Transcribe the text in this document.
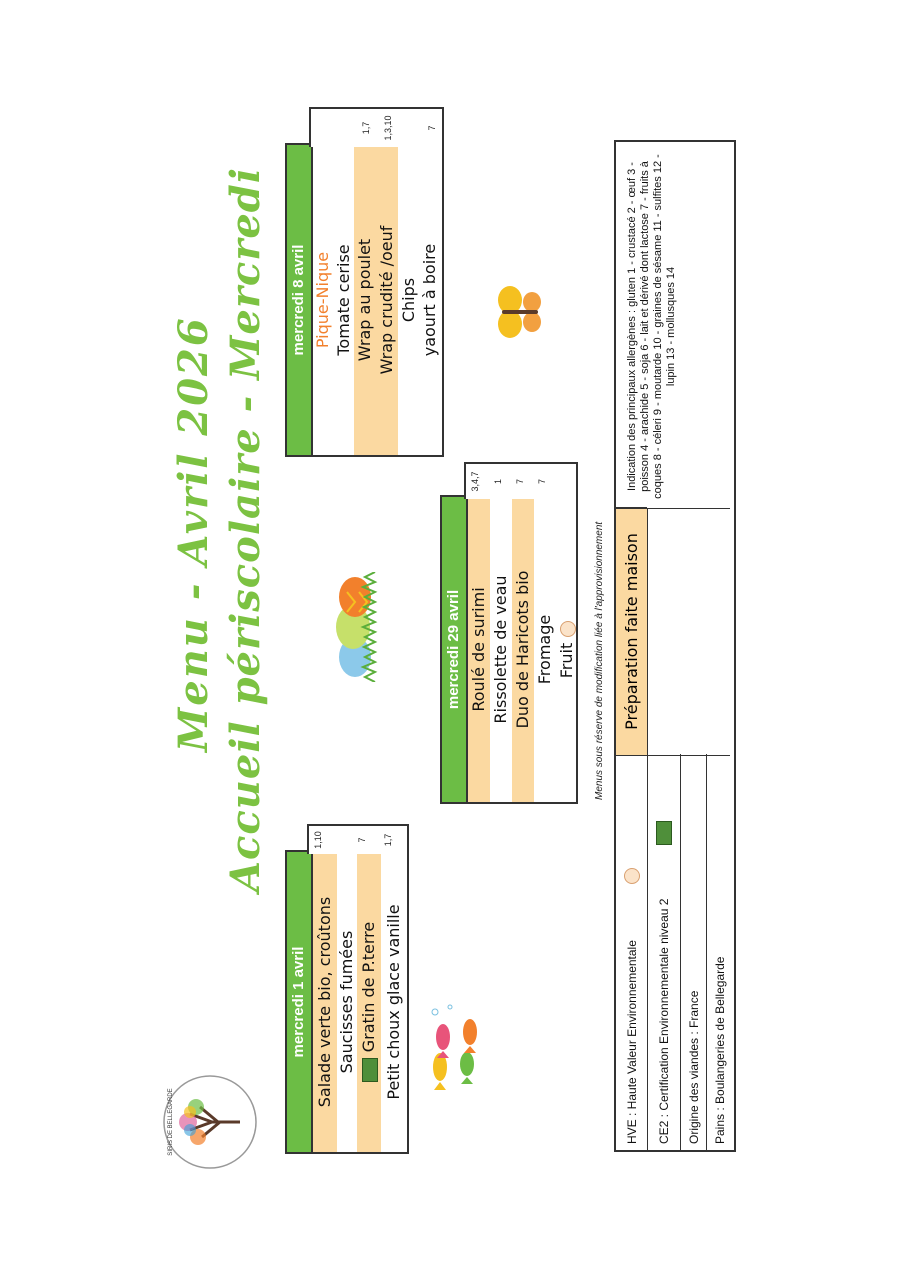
SIRIS DE BELLEGARDE
Menu - Avril 2026 Accueil périscolaire - Mercredi
mercredi 1 avril Salade verte bio, croûtons Saucisses fumées Gratin de P.terre Petit choux glace vanille
1,10	7 1,7
mercredi 29 avril Roulé de surimi Rissolette de veau Duo de Haricots bio Fromage Fruit
3,4,7 1 7 7
mercredi 8 avril Pique-Nique Tomate cerise Wrap au poulet Wrap crudité /oeuf Chips yaourt à boire
1,7 1,3,10	7
Menus sous réserve de modification liée à l'approvisionnement
HVE : Haute Valeur Environnementale CE2 : Certification Environnementale niveau 2 Origine des viandes : France Pains : Boulangeries de Bellegarde
Préparation faite maison
Indication des principaux allergènes : gluten 1 - crustacé 2 - œuf 3 - poisson 4 - arachide 5 - soja 6 - lait et dérivé dont lactose 7 - fruits à coques 8 - céleri 9 - moutarde 10 - graines de sésame 11 - sulfites 12 - lupin 13 - mollusques 14
